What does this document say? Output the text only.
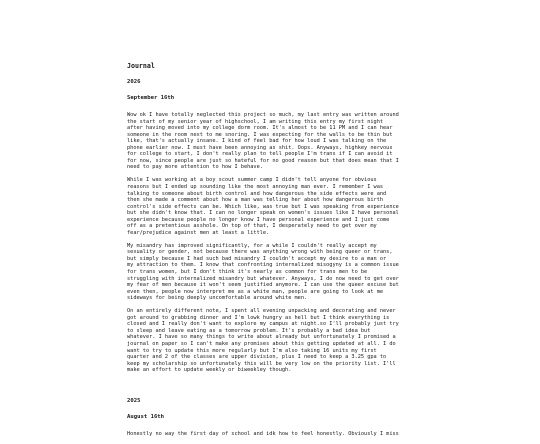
Journal
2026
September 16th

Wow ok I have totally neglected this project so much, my last entry was written around
the start of my senior year of highschool, I am writing this entry my first night
after having moved into my college dorm room. It's almost to be 11 PM and I can hear
someone in the room next to me snoring. I was expecting for the walls to be thin but
like, that's actually insane. I kind of feel bad for how loud I was talking on the
phone earlier now. I must have been annoying as shit. Oops. Anyways, highkey nervous
for college to start, I don't really plan to tell people I'm trans if I can avoid it
for now, since people are just so hateful for no good reason but that does mean that I
need to pay more attention to how I behave.

While I was working at a boy scout summer camp I didn't tell anyone for obvious
reasons but I ended up sounding like the most annoying man ever. I remember I was
talking to someone about birth control and how dangerous the side effects were and
then she made a comment about how a man was telling her about how dangerous birth
control's side effects can be. Which like, was true but I was speaking from experience
but she didn't know that. I can no longer speak on women's issues like I have personal
experience because people no longer know I have personal experience and I just come
off as a pretentious asshole. On top of that, I desperately need to get over my
fear/prejudice against men at least a little.

My misandry has improved significantly, for a while I couldn't really accept my
sexuality or gender, not because there was anything wrong with being queer or trans,
but simply because I had such bad misandry I couldn't accept my desire to a man or
my attraction to them. I know that confronting internalized misogyny is a common issue
for trans women, but I don't think it's nearly as common for trans men to be
struggling with internalized misandry but whatever. Anyways, I do now need to get over
my fear of men because it won't seem justified anymore. I can use the queer excuse but
even then, people now interpret me as a white man, people are going to look at me
sideways for being deeply uncomfortable around white men.

On an entirely different note, I spent all evening unpacking and decorating and never
got around to grabbing dinner and I'm lowk hungry as hell but I think everything is
closed and I really don't want to explore my campus at night.so I'll probably just try
to sleep and leave eating as a tomorrow problem. It's probably a bad idea but
whatever. I have so many things to write about already but unfortunately I promised a
journal on paper so I can't make any promises about this getting updated at all. I do
want to try to update this more regularly but I'm also taking 16 units my first
quarter and 2 of the classes are upper division, plus I need to keep a 3.25 gpa to
keep my scholarship so unfortunately this will be very low on the priority list. I'll
make an effort to update weekly or biweekley though.

2025
August 16th

Honestly no way the first day of school and idk how to feel honestly. Obviously I miss
